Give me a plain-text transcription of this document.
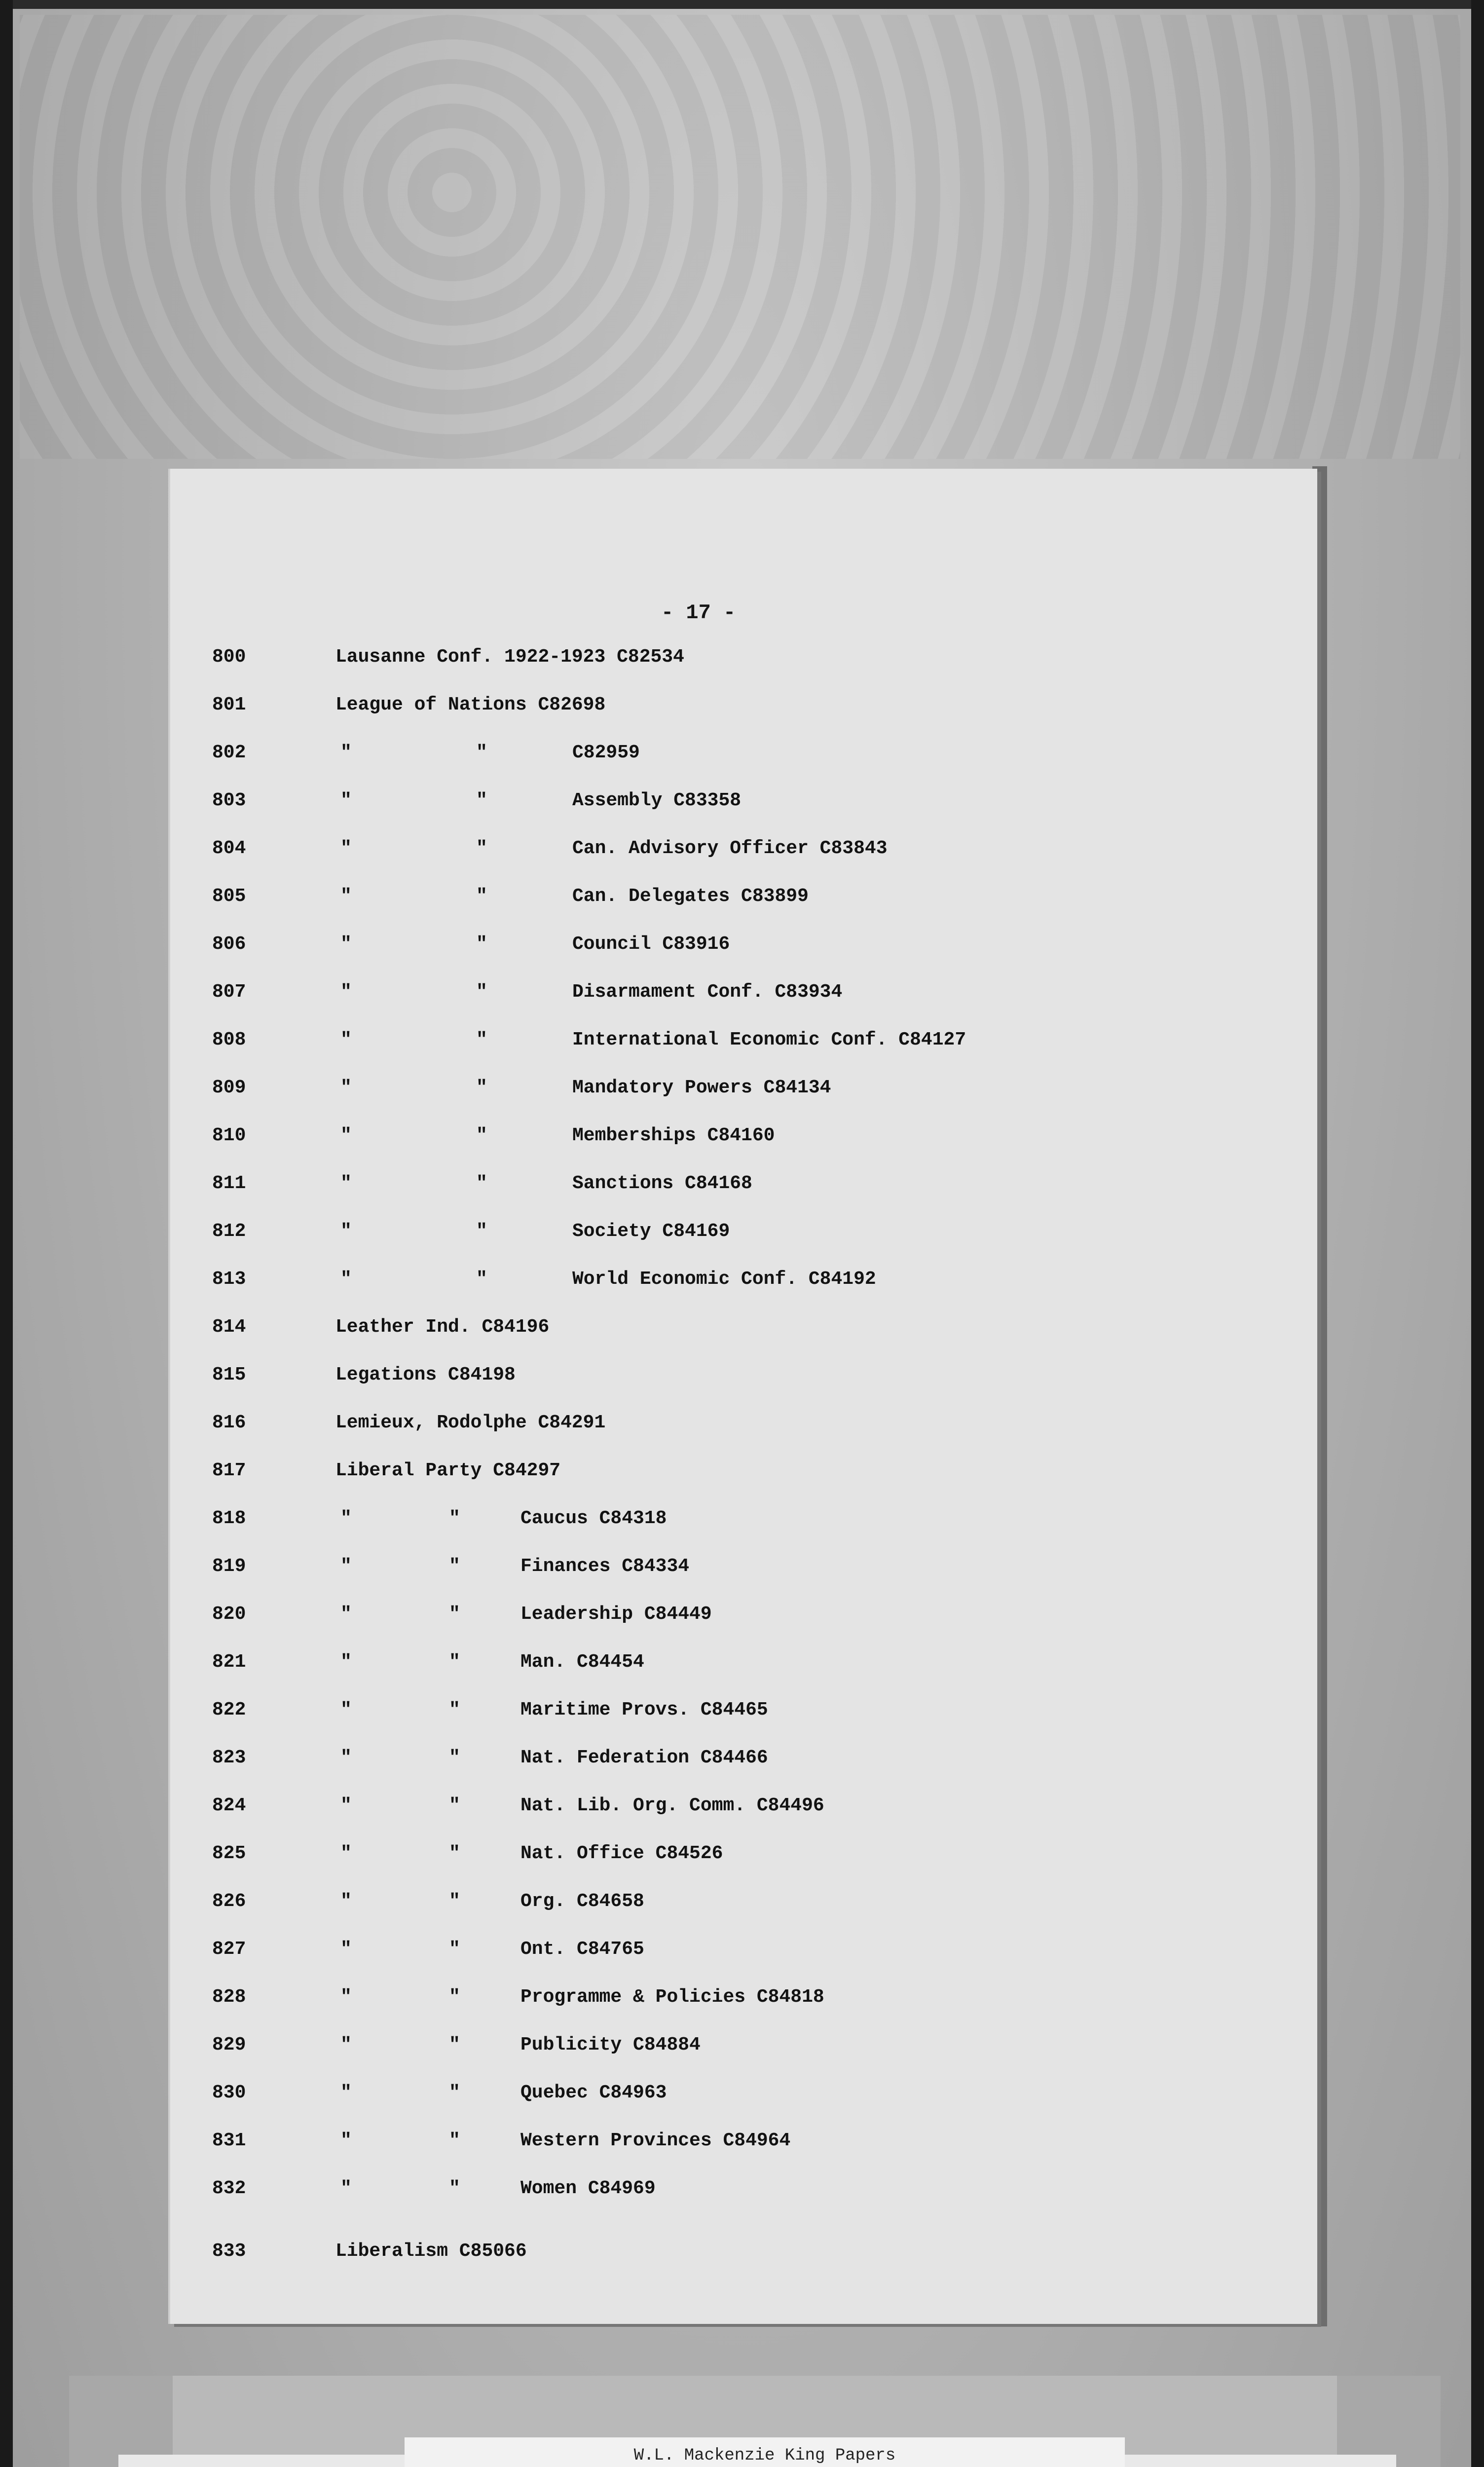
- 17 -
800	Lausanne Conf. 1922-1923 C82534
801	League of Nations C82698
802	"	"	C82959
803	"	"	Assembly C83358
804	"	"	Can. Advisory Officer C83843
805	"	"	Can. Delegates C83899
806	"	"	Council C83916
807	"	"	Disarmament Conf. C83934
808	"	"	International Economic Conf. C84127
809	"	"	Mandatory Powers C84134
810	"	"	Memberships C84160
811	"	"	Sanctions C84168
812	"	"	Society C84169
813	"	"	World Economic Conf. C84192
814	Leather Ind. C84196
815	Legations C84198
816	Lemieux, Rodolphe C84291
817	Liberal Party C84297
818	"	"	Caucus C84318
819	"	"	Finances C84334
820	"	"	Leadership C84449
821	"	"	Man. C84454
822	"	"	Maritime Provs. C84465
823	"	"	Nat. Federation C84466
824	"	"	Nat. Lib. Org. Comm. C84496
825	"	"	Nat. Office C84526
826	"	"	Org. C84658
827	"	"	Ont. C84765
828	"	"	Programme & Policies C84818
829	"	"	Publicity C84884
830	"	"	Quebec C84963
831	"	"	Western Provinces C84964
832	"	"	Women C84969
833	Liberalism C85066
W.L. Mackenzie King Papers
